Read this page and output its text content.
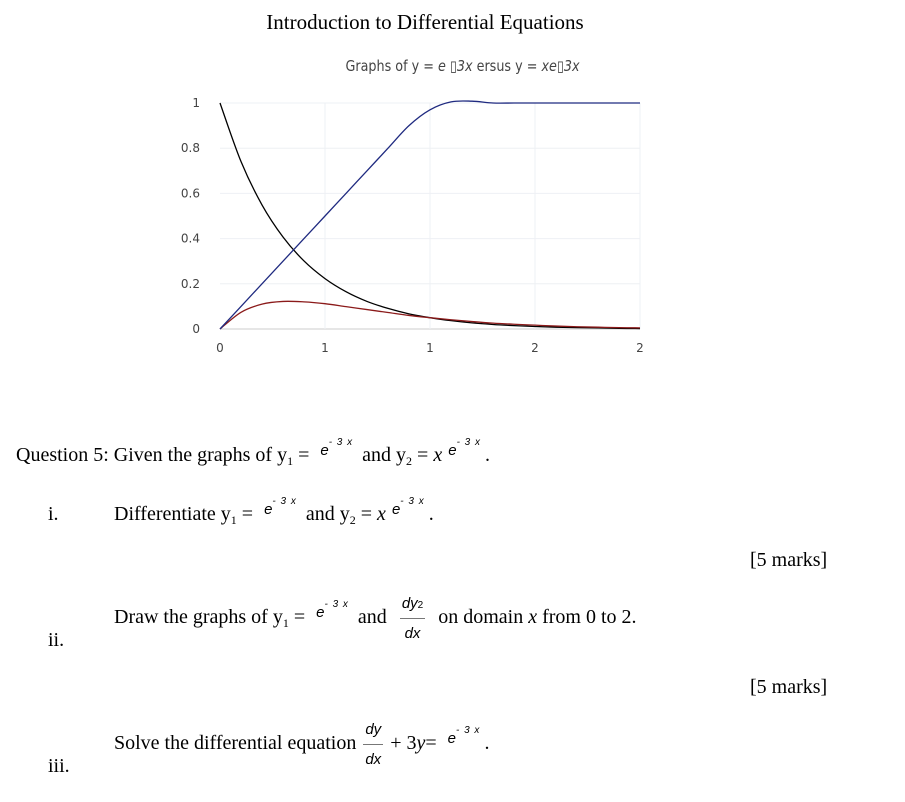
Introduction to Differential Equations
Graphs of y = e ▯3x ersus y = xe▯3x
0
0.2
0.4
0.6
0.8
1
0	1	1	2	2
Question 5: Given the graphs of $y_1 = ^{e^{- 3 x}}$ and $y_2 = x$ $^{e^{- 3 x}}$.
i.	Differentiate $y_1 = ^{e^{- 3 x}}$ and $y_2 = x$ $^{e^{- 3 x}}$.
[5 marks]
ii.
Draw the graphs of $y_1 = ^{e^{- 3 x}}$ and $\frac{dy2}{dx}$ on domain x from 0 to 2.
[5 marks]
iii.
Solve the differential equation $\frac{dy}{dx} + 3y= ^{e^{- 3 x}}$.
